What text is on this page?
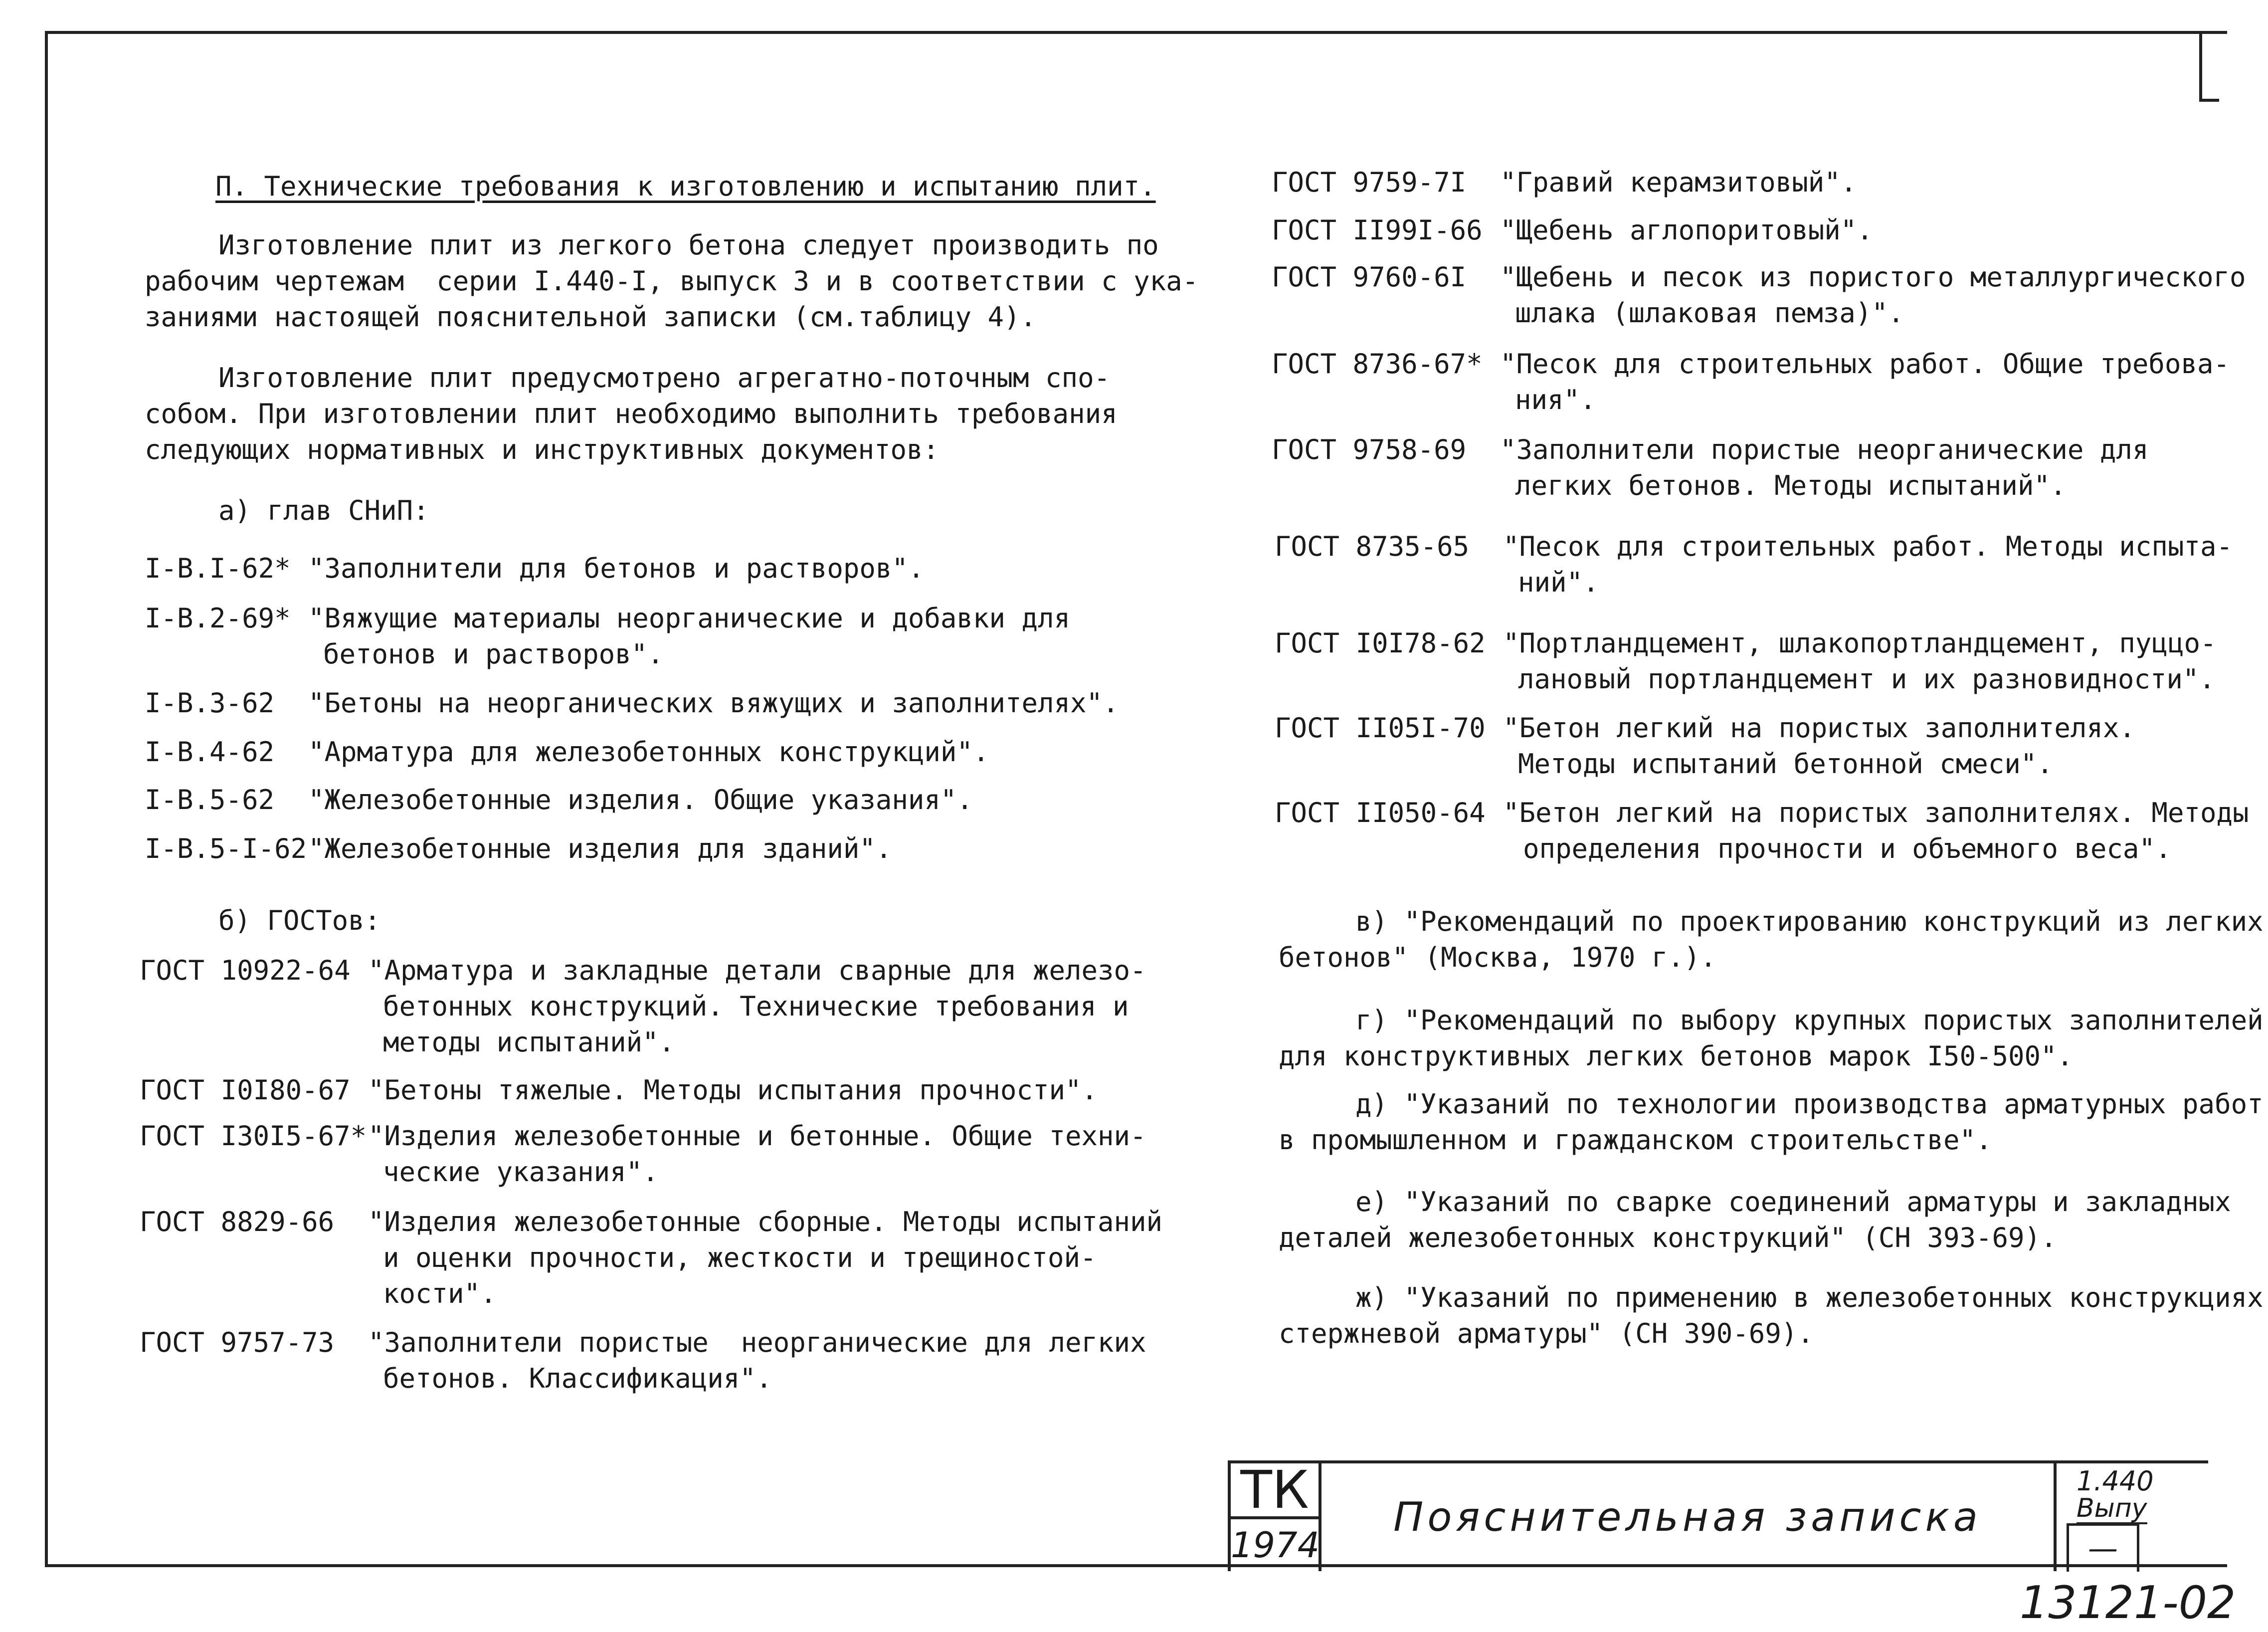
П. Технические требования к изготовлению и испытанию плит.
Изготовление плит из легкого бетона следует производить по
рабочим чертежам  серии I.440-I, выпуск 3 и в соответствии с ука-
заниями настоящей пояснительной записки (см.таблицу 4).
Изготовление плит предусмотрено агрегатно-поточным спо-
собом. При изготовлении плит необходимо выполнить требования
следующих нормативных и инструктивных документов:
а) глав СНиП:
I-В.I-62* "Заполнители для бетонов и растворов".
I-В.2-69* "Вяжущие материалы неорганические и добавки для
бетонов и растворов".
I-В.3-62 "Бетоны на неорганических вяжущих и заполнителях".
I-В.4-62 "Арматура для железобетонных конструкций".
I-В.5-62 "Железобетонные изделия. Общие указания".
I-В.5-I-62 "Железобетонные изделия для зданий".
б) ГОСТов:
ГОСТ 10922-64 "Арматура и закладные детали сварные для железо-
бетонных конструкций. Технические требования и
методы испытаний".
ГОСТ I0I80-67 "Бетоны тяжелые. Методы испытания прочности".
ГОСТ I30I5-67* "Изделия железобетонные и бетонные. Общие техни-
ческие указания".
ГОСТ 8829-66 "Изделия железобетонные сборные. Методы испытаний
и оценки прочности, жесткости и трещиностой-
кости".
ГОСТ 9757-73 "Заполнители пористые  неорганические для легких
бетонов. Классификация".
ГОСТ 9759-7I "Гравий керамзитовый".
ГОСТ II99I-66 "Щебень аглопоритовый".
ГОСТ 9760-6I "Щебень и песок из пористого металлургического
шлака (шлаковая пемза)".
ГОСТ 8736-67* "Песок для строительных работ. Общие требова-
ния".
ГОСТ 9758-69 "Заполнители пористые неорганические для
легких бетонов. Методы испытаний".
ГОСТ 8735-65 "Песок для строительных работ. Методы испыта-
ний".
ГОСТ I0I78-62 "Портландцемент, шлакопортландцемент, пуццо-
лановый портландцемент и их разновидности".
ГОСТ II05I-70 "Бетон легкий на пористых заполнителях.
Методы испытаний бетонной смеси".
ГОСТ II050-64 "Бетон легкий на пористых заполнителях. Методы
определения прочности и объемного веса".
в) "Рекомендаций по проектированию конструкций из легких
бетонов" (Москва, 1970 г.).
г) "Рекомендаций по выбору крупных пористых заполнителей
для конструктивных легких бетонов марок I50-500".
д) "Указаний по технологии производства арматурных работ
в промышленном и гражданском строительстве".
е) "Указаний по сварке соединений арматуры и закладных
деталей железобетонных конструкций" (СН 393-69).
ж) "Указаний по применению в железобетонных конструкциях
стержневой арматуры" (СН 390-69).
ТК
1974
Пояснительная записка
1.440
Выпу
—
13121-02
